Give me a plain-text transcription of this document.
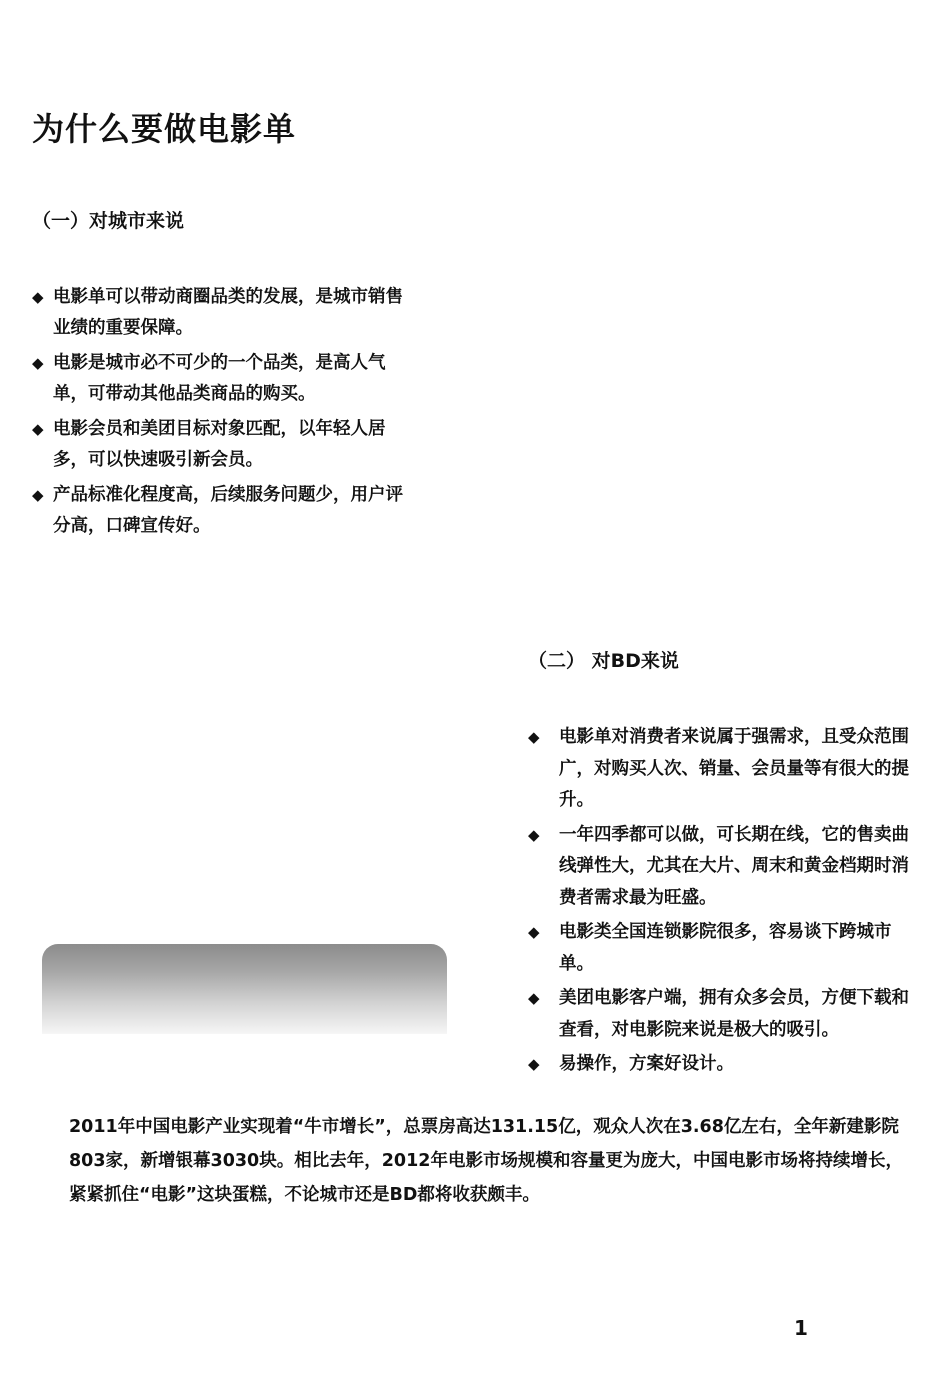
为什么要做电影单
（一）对城市来说
◆ 电影单可以带动商圈品类的发展，是城市销售业绩的重要保障。
◆ 电影是城市必不可少的一个品类，是高人气单，可带动其他品类商品的购买。
◆ 电影会员和美团目标对象匹配，以年轻人居多，可以快速吸引新会员。
◆ 产品标准化程度高，后续服务问题少，用户评分高，口碑宣传好。
（二） 对BD来说
◆ 电影单对消费者来说属于强需求，且受众范围广，对购买人次、销量、会员量等有很大的提升。
◆ 一年四季都可以做，可长期在线，它的售卖曲线弹性大，尤其在大片、周末和黄金档期时消费者需求最为旺盛。
◆ 电影类全国连锁影院很多，容易谈下跨城市单。
◆ 美团电影客户端，拥有众多会员，方便下载和查看，对电影院来说是极大的吸引。
◆ 易操作，方案好设计。

2011年中国电影产业实现着“牛市增长”，总票房高达131.15亿，观众人次在3.68亿左右，全年新建影院803家，新增银幕3030块。相比去年，2012年电影市场规模和容量更为庞大，中国电影市场将持续增长，紧紧抓住“电影”这块蛋糕，不论城市还是BD都将收获颇丰。

1
